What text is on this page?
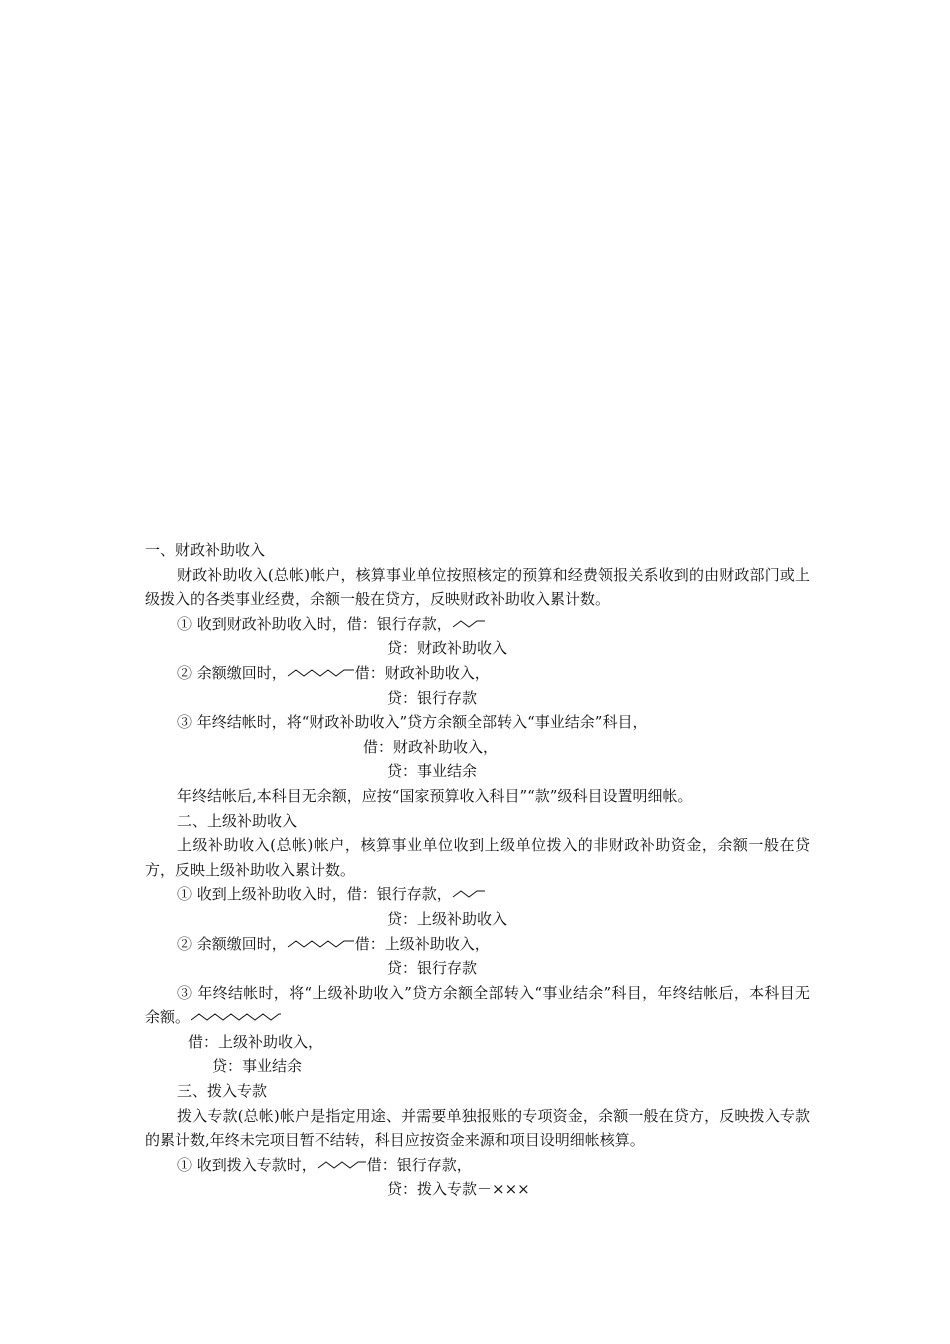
一、财政补助收入
财政补助收入(总帐)帐户，核算事业单位按照核定的预算和经费领报关系收到的由财政部门或上级拨入的各类事业经费，余额一般在贷方，反映财政补助收入累计数。
① 收到财政补助收入时，借：银行存款，
贷：财政补助收入
② 余额缴回时，	借：财政补助收入，
贷：银行存款
③ 年终结帐时，将“财政补助收入”贷方余额全部转入“事业结余”科目，
借：财政补助收入，
贷：事业结余
年终结帐后,本科目无余额，应按“国家预算收入科目”“款”级科目设置明细帐。
二、上级补助收入
上级补助收入(总帐)帐户，核算事业单位收到上级单位拨入的非财政补助资金，余额一般在贷方，反映上级补助收入累计数。
① 收到上级补助收入时，借：银行存款，
贷：上级补助收入
② 余额缴回时，	借：上级补助收入，
贷：银行存款
③ 年终结帐时，将“上级补助收入”贷方余额全部转入“事业结余”科目，年终结帐后，本科目无余额。
借：上级补助收入，
贷：事业结余
三、拨入专款
拨入专款(总帐)帐户是指定用途、并需要单独报账的专项资金，余额一般在贷方，反映拨入专款的累计数,年终未完项目暂不结转，科目应按资金来源和项目设明细帐核算。
① 收到拨入专款时，	借：银行存款，
贷：拨入专款－×××
